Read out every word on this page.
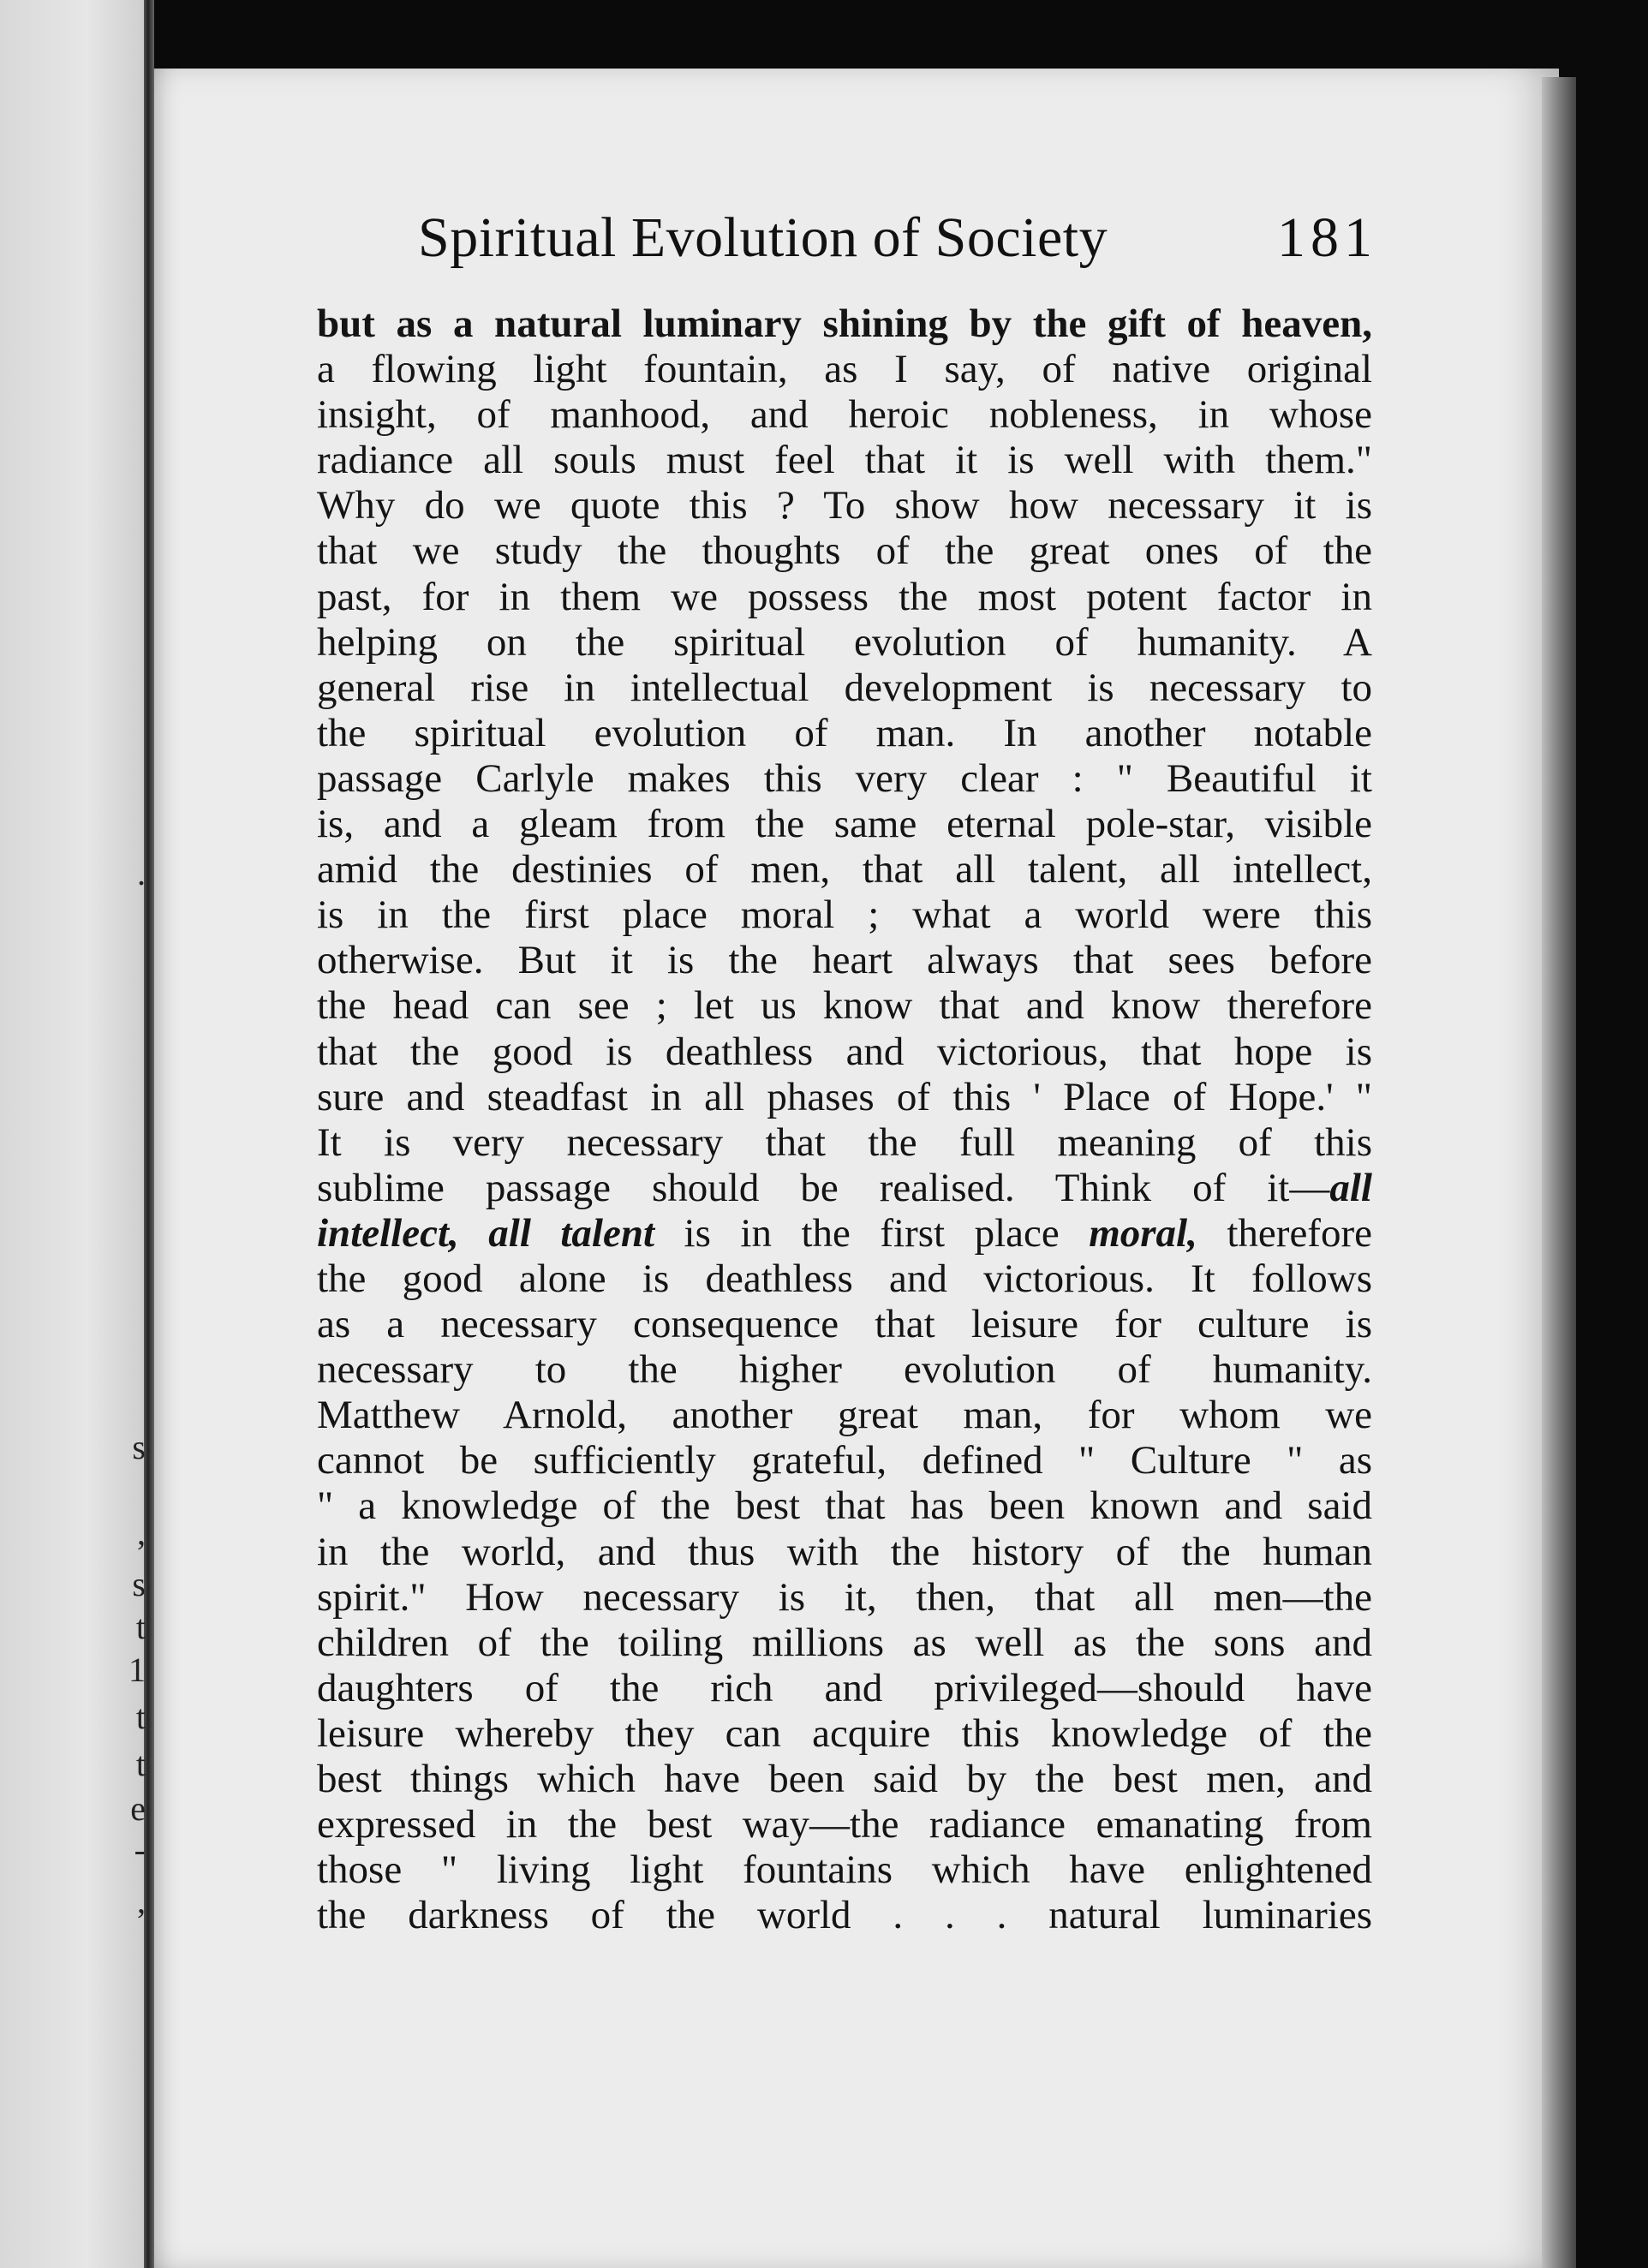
.
s
,
s
t
1
t
t
e
-
,
Spiritual Evolution of Society	181
but as a natural luminary shining by the gift of heaven,
a flowing light fountain, as I say, of native original
insight, of manhood, and heroic nobleness, in whose
radiance all souls must feel that it is well with them."
Why do we quote this ? To show how necessary it is
that we study the thoughts of the great ones of the
past, for in them we possess the most potent factor in
helping on the spiritual evolution of humanity. A
general rise in intellectual development is necessary to
the spiritual evolution of man. In another notable
passage Carlyle makes this very clear : " Beautiful it
is, and a gleam from the same eternal pole-star, visible
amid the destinies of men, that all talent, all intellect,
is in the first place moral ; what a world were this
otherwise. But it is the heart always that sees before
the head can see ; let us know that and know therefore
that the good is deathless and victorious, that hope is
sure and steadfast in all phases of this ' Place of Hope.' "
It is very necessary that the full meaning of this
sublime passage should be realised. Think of it—all
intellect, all talent is in the first place moral, therefore
the good alone is deathless and victorious. It follows
as a necessary consequence that leisure for culture is
necessary to the higher evolution of humanity.
Matthew Arnold, another great man, for whom we
cannot be sufficiently grateful, defined " Culture " as
" a knowledge of the best that has been known and said
in the world, and thus with the history of the human
spirit." How necessary is it, then, that all men—the
children of the toiling millions as well as the sons and
daughters of the rich and privileged—should have
leisure whereby they can acquire this knowledge of the
best things which have been said by the best men, and
expressed in the best way—the radiance emanating from
those " living light fountains which have enlightened
the darkness of the world . . . natural luminaries
